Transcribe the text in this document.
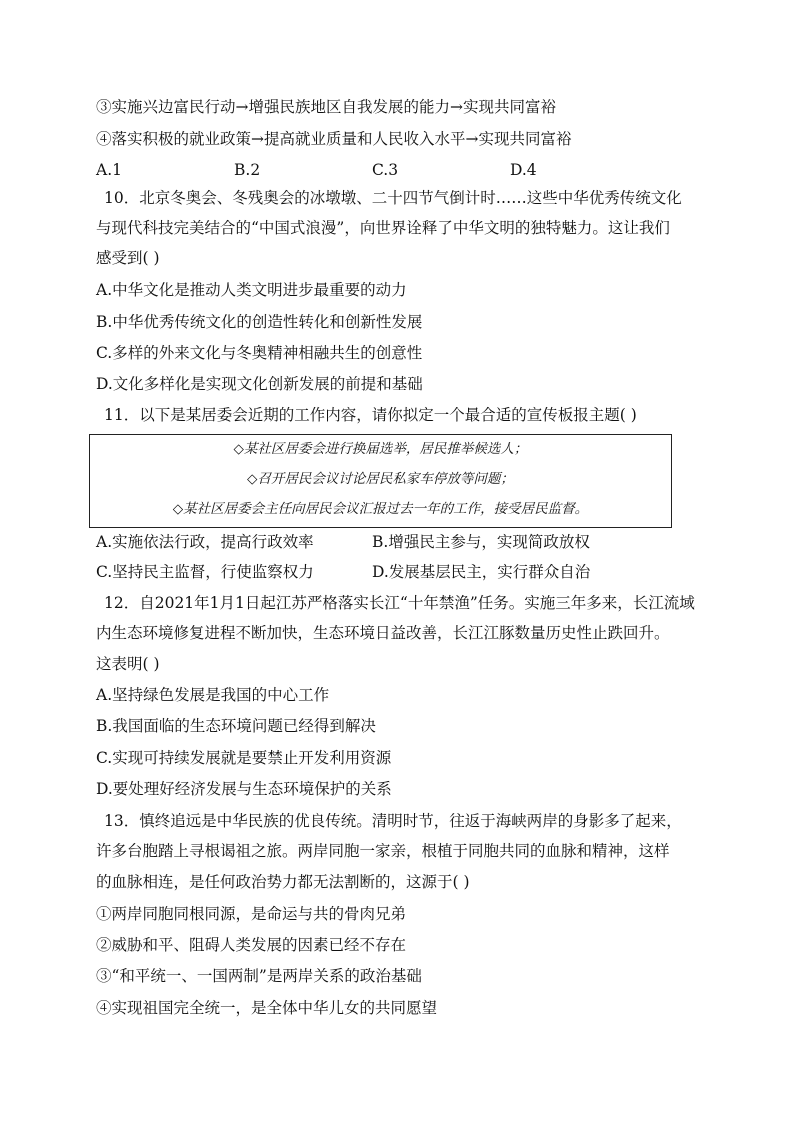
③实施兴边富民行动→增强民族地区自我发展的能力→实现共同富裕
④落实积极的就业政策→提高就业质量和人民收入水平→实现共同富裕
A.1	B.2	C.3	D.4
10．北京冬奥会、冬残奥会的冰墩墩、二十四节气倒计时……这些中华优秀传统文化
与现代科技完美结合的“中国式浪漫”，向世界诠释了中华文明的独特魅力。这让我们
感受到( )
A.中华文化是推动人类文明进步最重要的动力
B.中华优秀传统文化的创造性转化和创新性发展
C.多样的外来文化与冬奥精神相融共生的创意性
D.文化多样化是实现文化创新发展的前提和基础
11．以下是某居委会近期的工作内容，请你拟定一个最合适的宣传板报主题( )
◇某社区居委会进行换届选举，居民推举候选人；
◇召开居民会议讨论居民私家车停放等问题；
◇某社区居委会主任向居民会议汇报过去一年的工作，接受居民监督。
A.实施依法行政，提高行政效率	B.增强民主参与，实现简政放权
C.坚持民主监督，行使监察权力	D.发展基层民主，实行群众自治
12．自2021年1月1日起江苏严格落实长江“十年禁渔”任务。实施三年多来，长江流域
内生态环境修复进程不断加快，生态环境日益改善，长江江豚数量历史性止跌回升。
这表明( )
A.坚持绿色发展是我国的中心工作
B.我国面临的生态环境问题已经得到解决
C.实现可持续发展就是要禁止开发利用资源
D.要处理好经济发展与生态环境保护的关系
13．慎终追远是中华民族的优良传统。清明时节，往返于海峡两岸的身影多了起来，
许多台胞踏上寻根谒祖之旅。两岸同胞一家亲，根植于同胞共同的血脉和精神，这样
的血脉相连，是任何政治势力都无法割断的，这源于( )
①两岸同胞同根同源，是命运与共的骨肉兄弟
②威胁和平、阻碍人类发展的因素已经不存在
③“和平统一、一国两制”是两岸关系的政治基础
④实现祖国完全统一，是全体中华儿女的共同愿望
